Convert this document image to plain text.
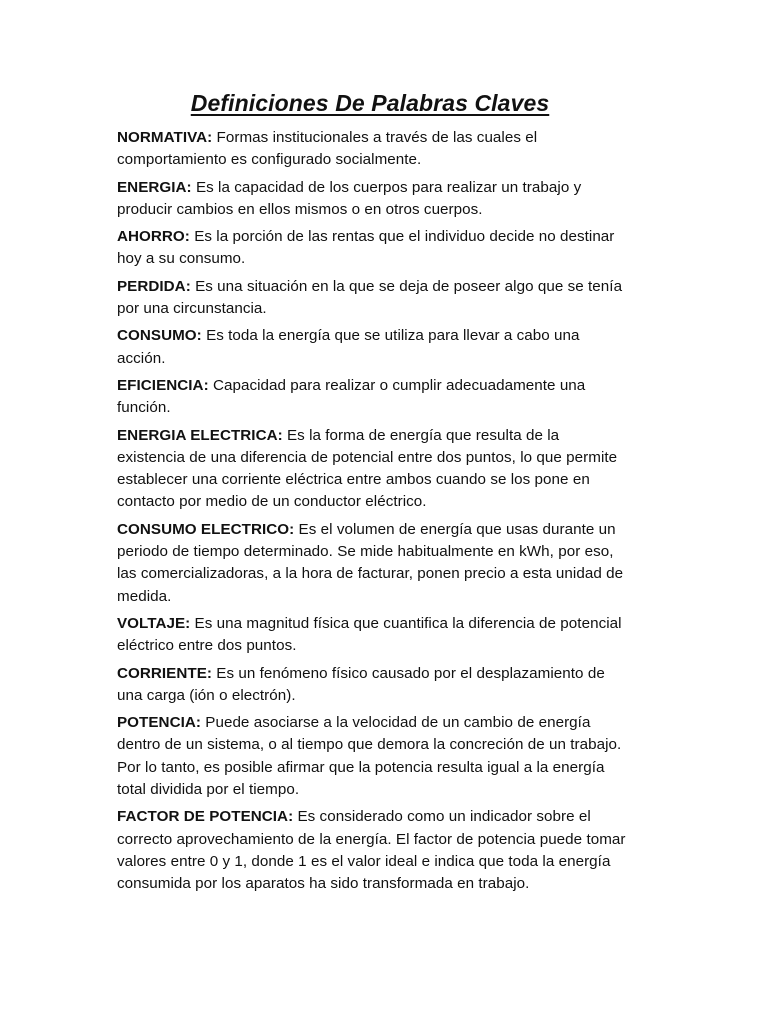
Definiciones De Palabras Claves

NORMATIVA: Formas institucionales a través de las cuales el comportamiento es configurado socialmente.

ENERGIA: Es la capacidad de los cuerpos para realizar un trabajo y producir cambios en ellos mismos o en otros cuerpos.

AHORRO: Es la porción de las rentas que el individuo decide no destinar hoy a su consumo.

PERDIDA: Es una situación en la que se deja de poseer algo que se tenía por una circunstancia.

CONSUMO: Es toda la energía que se utiliza para llevar a cabo una acción.

EFICIENCIA: Capacidad para realizar o cumplir adecuadamente una función.

ENERGIA ELECTRICA: Es la forma de energía que resulta de la existencia de una diferencia de potencial entre dos puntos, lo que permite establecer una corriente eléctrica entre ambos cuando se los pone en contacto por medio de un conductor eléctrico.

CONSUMO ELECTRICO: Es el volumen de energía que usas durante un periodo de tiempo determinado. Se mide habitualmente en kWh, por eso, las comercializadoras, a la hora de facturar, ponen precio a esta unidad de medida.

VOLTAJE: Es una magnitud física que cuantifica la diferencia de potencial eléctrico entre dos puntos.

CORRIENTE: Es un fenómeno físico causado por el desplazamiento de una carga (ión o electrón).

POTENCIA: Puede asociarse a la velocidad de un cambio de energía dentro de un sistema, o al tiempo que demora la concreción de un trabajo. Por lo tanto, es posible afirmar que la potencia resulta igual a la energía total dividida por el tiempo.

FACTOR DE POTENCIA: Es considerado como un indicador sobre el correcto aprovechamiento de la energía. El factor de potencia puede tomar valores entre 0 y 1, donde 1 es el valor ideal e indica que toda la energía consumida por los aparatos ha sido transformada en trabajo.
